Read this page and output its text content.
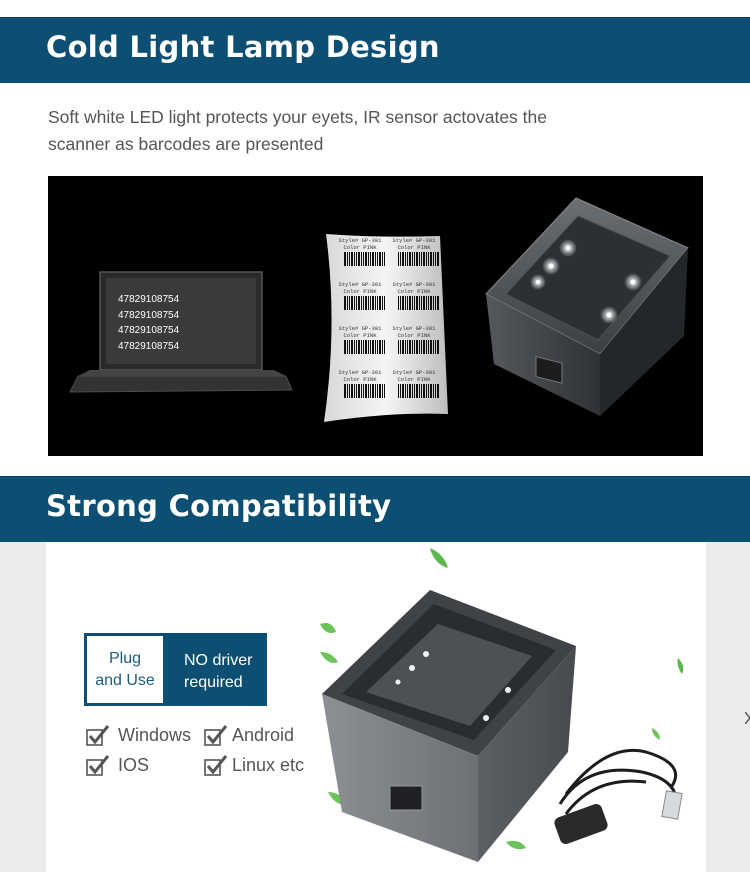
Cold Light Lamp Design
Soft white LED light protects your eyets, IR sensor actovates the
scanner as barcodes are presented
Style# GP-301
Color PINK
Style# GP-301
Color PINK
Style# GP-301
Color PINK
Style# GP-301
Color PINK
Style# GP-301
Color PINK
Style# GP-301
Color PINK
Style# GP-301
Color PINK
Style# GP-301
Color PINK
47829108754
47829108754
47829108754
47829108754
Strong Compatibility
Plug
and Use
NO driver
required
Windows Android
IOS	Linux etc
